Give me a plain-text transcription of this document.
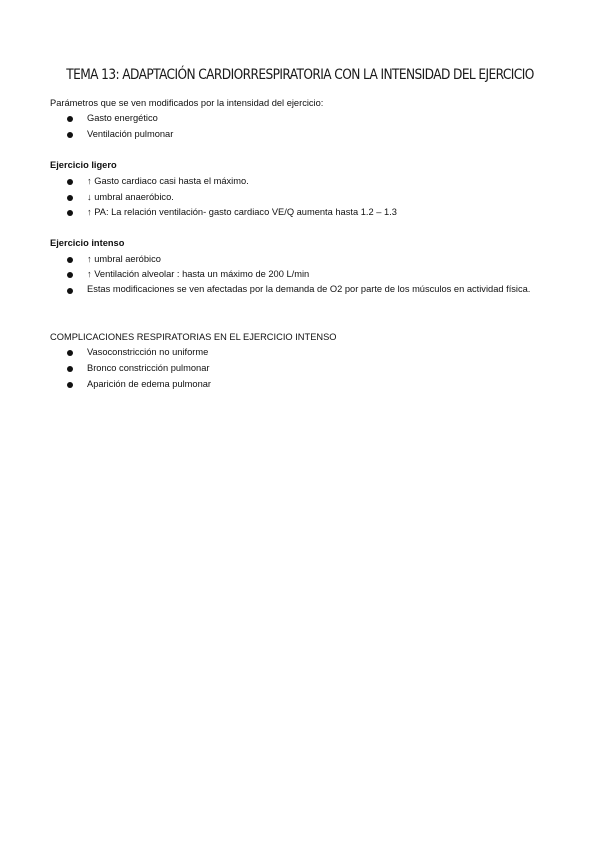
TEMA 13: ADAPTACIÓN CARDIORRESPIRATORIA CON LA INTENSIDAD DEL EJERCICIO
Parámetros que se ven modificados por la intensidad del ejercicio:
Gasto energético
Ventilación pulmonar
Ejercicio ligero
↑ Gasto cardiaco casi hasta el máximo.
↓ umbral anaeróbico.
↑ PA: La relación ventilación- gasto cardiaco VE/Q aumenta hasta 1.2 – 1.3
Ejercicio intenso
↑ umbral aeróbico
↑ Ventilación alveolar : hasta un máximo de 200 L/min
Estas modificaciones se ven afectadas por la demanda de O2 por parte de los músculos en actividad física.
COMPLICACIONES RESPIRATORIAS EN EL EJERCICIO INTENSO
Vasoconstricción no uniforme
Bronco constricción pulmonar
Aparición de edema pulmonar
